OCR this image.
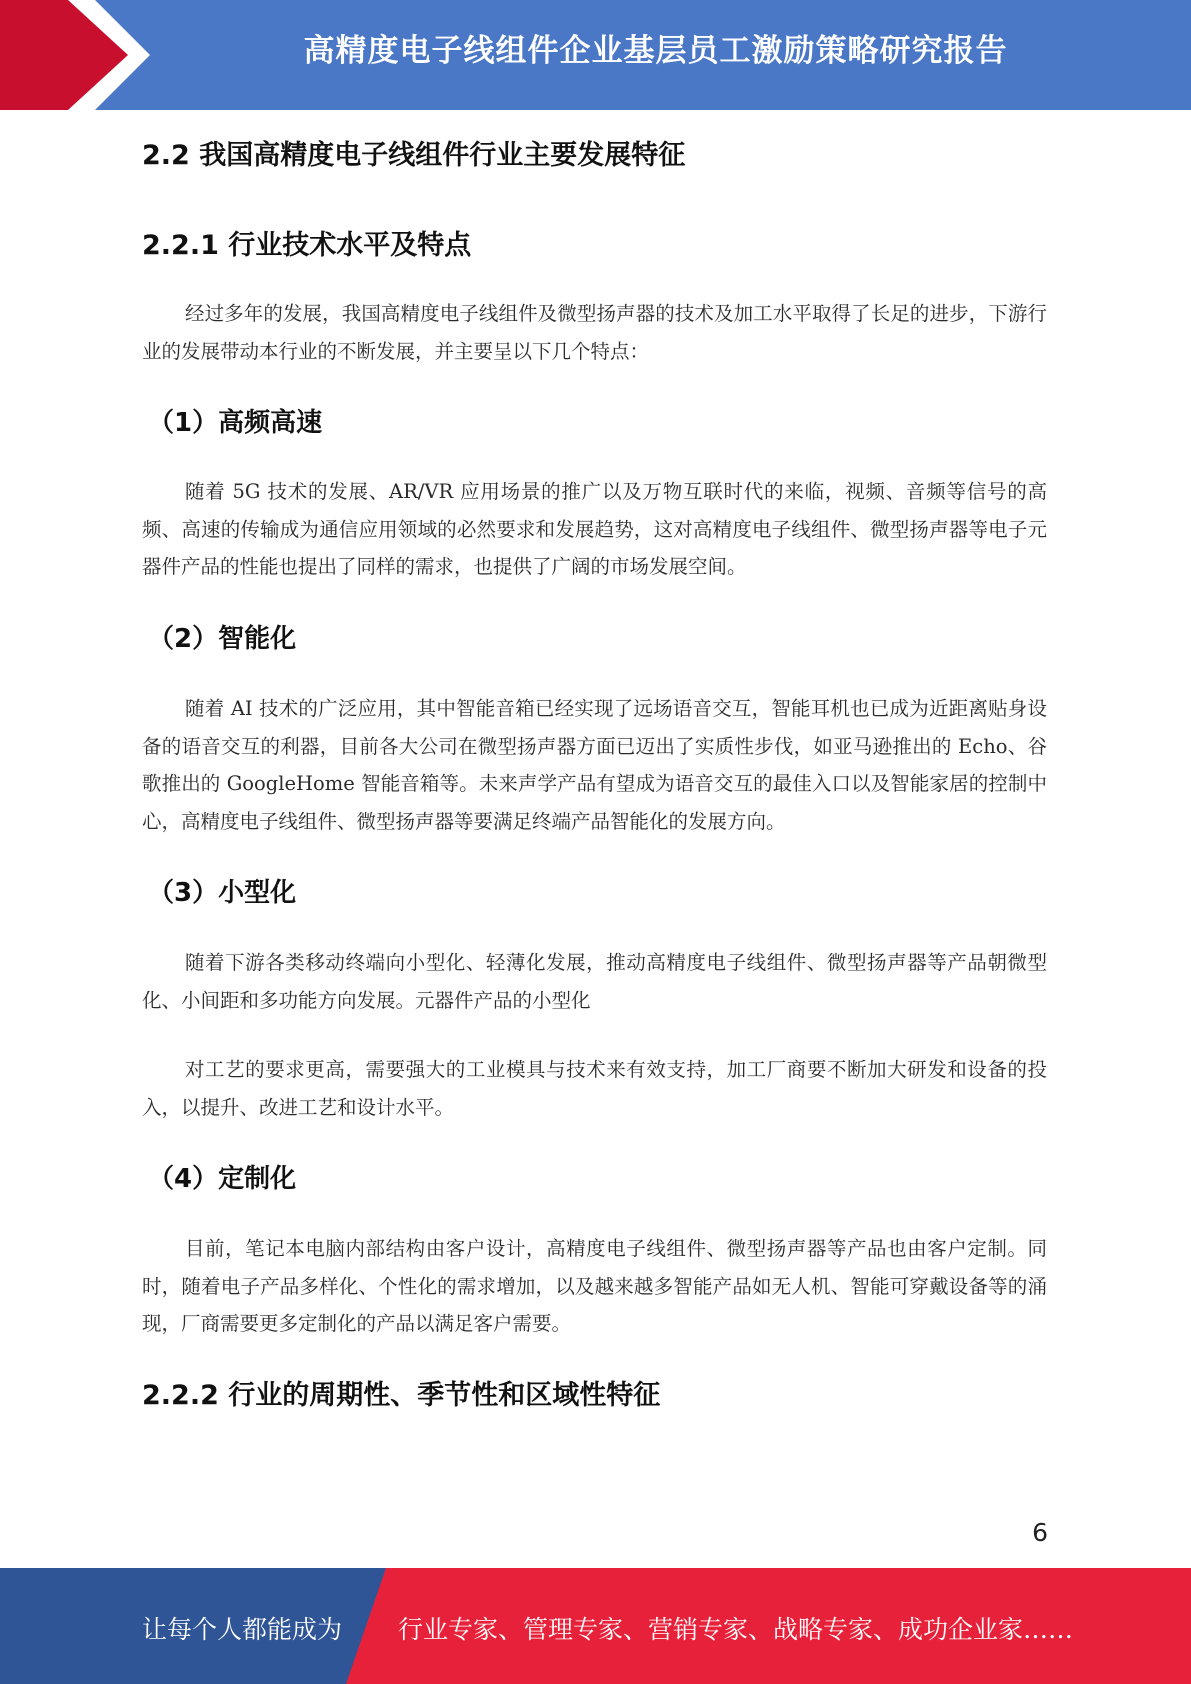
高精度电子线组件企业基层员工激励策略研究报告
2.2 我国高精度电子线组件行业主要发展特征
2.2.1 行业技术水平及特点

经过多年的发展，我国高精度电子线组件及微型扬声器的技术及加工水平取得了长足的进步，下游行业的发展带动本行业的不断发展，并主要呈以下几个特点：

（1）高频高速

随着 5G 技术的发展、AR/VR 应用场景的推广以及万物互联时代的来临，视频、音频等信号的高频、高速的传输成为通信应用领域的必然要求和发展趋势，这对高精度电子线组件、微型扬声器等电子元器件产品的性能也提出了同样的需求，也提供了广阔的市场发展空间。

（2）智能化

随着 AI 技术的广泛应用，其中智能音箱已经实现了远场语音交互，智能耳机也已成为近距离贴身设备的语音交互的利器，目前各大公司在微型扬声器方面已迈出了实质性步伐，如亚马逊推出的 Echo、谷歌推出的 GoogleHome 智能音箱等。未来声学产品有望成为语音交互的最佳入口以及智能家居的控制中心，高精度电子线组件、微型扬声器等要满足终端产品智能化的发展方向。

（3）小型化

随着下游各类移动终端向小型化、轻薄化发展，推动高精度电子线组件、微型扬声器等产品朝微型化、小间距和多功能方向发展。元器件产品的小型化

对工艺的要求更高，需要强大的工业模具与技术来有效支持，加工厂商要不断加大研发和设备的投入，以提升、改进工艺和设计水平。

（4）定制化

目前，笔记本电脑内部结构由客户设计，高精度电子线组件、微型扬声器等产品也由客户定制。同时，随着电子产品多样化、个性化的需求增加，以及越来越多智能产品如无人机、智能可穿戴设备等的涌现，厂商需要更多定制化的产品以满足客户需要。

2.2.2 行业的周期性、季节性和区域性特征
6
让每个人都能成为 行业专家、管理专家、营销专家、战略专家、成功企业家……
